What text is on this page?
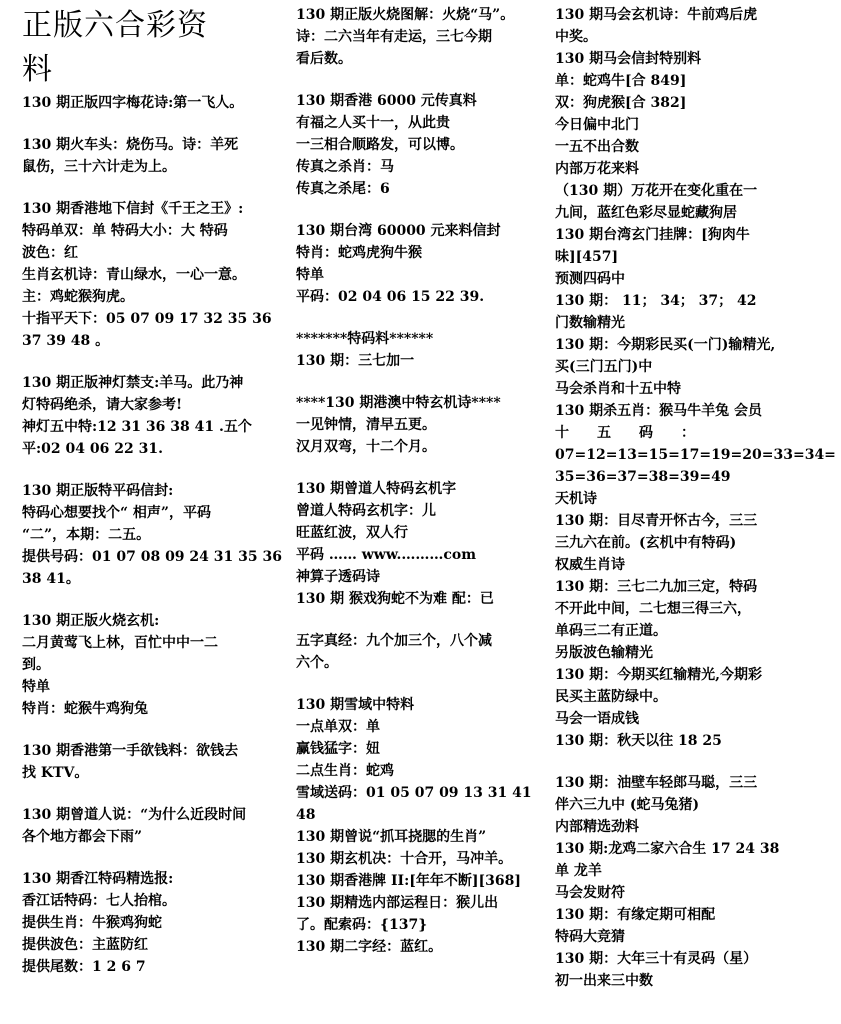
正版六合彩资
料
130 期正版四字梅花诗:第一飞人。
130 期火车头：烧伤马。诗：羊死
鼠伤，三十六计走为上。
130 期香港地下信封《千王之王》:
特码单双：单 特码大小：大 特码
波色：红
生肖玄机诗：青山绿水，一心一意。
主：鸡蛇猴狗虎。
十指平天下：05 07 09 17 32 35 36
37 39 48 。
130 期正版神灯禁支:羊马。此乃神
灯特码绝杀，请大家参考!
神灯五中特:12 31 36 38 41 .五个
平:02 04 06 22 31.
130 期正版特平码信封:
特码心想要找个“ 相声”，平码
“二”，本期：二五。
提供号码：01 07 08 09 24 31 35 36
38 41。
130 期正版火烧玄机:
二月黄莺飞上林，百忙中中一二
到。
特单
特肖：蛇猴牛鸡狗兔
130 期香港第一手欲钱料：欲钱去
找 KTV。
130 期曾道人说：“为什么近段时间
各个地方都会下雨”
130 期香江特码精选报:
香江话特码：七人抬棺。
提供生肖：牛猴鸡狗蛇
提供波色：主蓝防红
提供尾数：1 2 6 7
130 期正版火烧图解：火烧“马”。
诗：二六当年有走运，三七今期
看后数。
130 期香港 6000 元传真料
有福之人买十一，从此贵
一三相合顺路发，可以博。
传真之杀肖：马
传真之杀尾：6
130 期台湾 60000 元来料信封
特肖：蛇鸡虎狗牛猴
特单
平码：02 04 06 15 22 39.
*******特码料******
130 期：三七加一
****130 期港澳中特玄机诗****
一见钟情，清早五更。
汉月双弯，十二个月。
130 期曾道人特码玄机字
曾道人特码玄机字：儿
旺蓝红波，双人行
平码 …… www.………com
神算子透码诗
130 期 猴戏狗蛇不为难 配：已
五字真经：九个加三个，八个减
六个。
130 期雪域中特料
一点单双：单
赢钱猛字：妞
二点生肖：蛇鸡
雪域送码：01 05 07 09 13 31 41
48
130 期曾说“抓耳挠腮的生肖”
130 期玄机决：十合开，马冲羊。
130 期香港牌 II:[年年不断][368]
130 期精选内部运程日：猴儿出
了。配索码：{137}
130 期二字经：蓝红。
130 期马会玄机诗：牛前鸡后虎
中奖。
130 期马会信封特别料
单：蛇鸡牛[合 849]
双：狗虎猴[合 382]
今日偏中北门
一五不出合数
内部万花来料
（130 期）万花开在变化重在一
九间，蓝红色彩尽显蛇藏狗居
130 期台湾玄门挂牌：[狗肉牛
味][457]
预测四码中
130 期： 11； 34； 37； 42
门数输精光
130 期：今期彩民买(一门)输精光,
买(三门五门)中
马会杀肖和十五中特
130 期杀五肖：猴马牛羊兔 会员
十　　五　　码　　：
07=12=13=15=17=19=20=33=34=
35=36=37=38=39=49
天机诗
130 期：目尽青开怀古今，三三
三九六在前。(玄机中有特码)
权威生肖诗
130 期：三七二九加三定，特码
不开此中间，二七想三得三六，
单码三二有正道。
另版波色输精光
130 期：今期买红输精光,今期彩
民买主蓝防绿中。
马会一语成钱
130 期：秋天以往 18 25
130 期：油壁车轻郎马聪，三三
伴六三九中 (蛇马兔猪)
内部精选劲料
130 期:龙鸡二家六合生 17 24 38
单 龙羊
马会发财符
130 期：有缘定期可相配
特码大竞猜
130 期：大年三十有灵码（星）
初一出来三中数
